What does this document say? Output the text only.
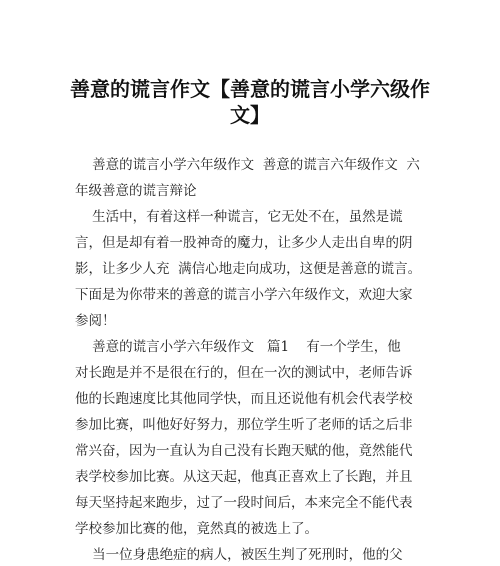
善意的谎言作文【善意的谎言小学六级作
文】
善意的谎言小学六年级作文  善意的谎言六年级作文  六
年级善意的谎言辩论
生活中，有着这样一种谎言，它无处不在，虽然是谎
言，但是却有着一股神奇的魔力，让多少人走出自卑的阴
影，让多少人充  满信心地走向成功，这便是善意的谎言。
下面是为你带来的善意的谎言小学六年级作文，欢迎大家
参阅！
善意的谎言小学六年级作文   篇1    有一个学生，他
对长跑是并不是很在行的，但在一次的测试中，老师告诉
他的长跑速度比其他同学快，而且还说他有机会代表学校
参加比赛，叫他好好努力，那位学生听了老师的话之后非
常兴奋，因为一直认为自己没有长跑天赋的他，竟然能代
表学校参加比赛。从这天起，他真正喜欢上了长跑，并且
每天坚持起来跑步，过了一段时间后，本来完全不能代表
学校参加比赛的他，竟然真的被选上了。
当一位身患绝症的病人，被医生判了死刑时，他的父
